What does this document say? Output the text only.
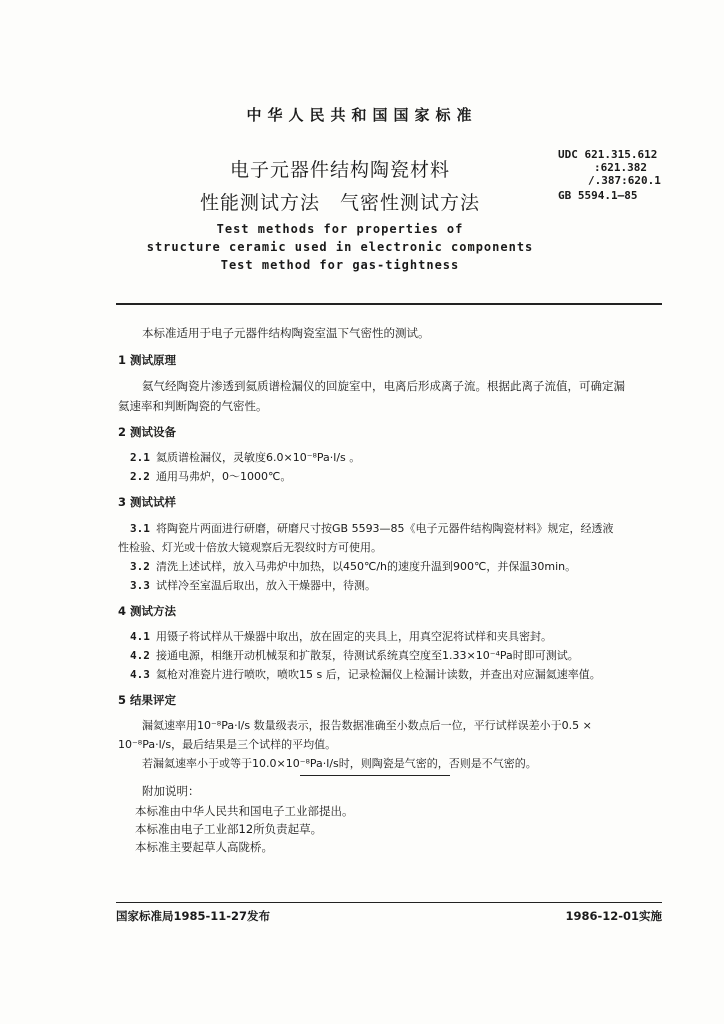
中华人民共和国国家标准
电子元器件结构陶瓷材料
性能测试方法 气密性测试方法
UDC 621.315.612
:621.382
/.387:620.1
GB 5594.1—85
Test methods for properties of
structure ceramic used in electronic components
Test method for gas-tightness
本标准适用于电子元器件结构陶瓷室温下气密性的测试。
1 测试原理
氦气经陶瓷片渗透到氦质谱检漏仪的回旋室中，电离后形成离子流。根据此离子流值，可确定漏
氦速率和判断陶瓷的气密性。
2 测试设备
2.1 氦质谱检漏仪，灵敏度6.0×10⁻⁸Pa·l/s 。
2.2 通用马弗炉，0～1000℃。
3 测试试样
3.1 将陶瓷片两面进行研磨，研磨尺寸按GB 5593—85《电子元器件结构陶瓷材料》规定，经透液
性检验、灯光或十倍放大镜观察后无裂纹时方可使用。
3.2 清洗上述试样，放入马弗炉中加热，以450℃/h的速度升温到900℃，并保温30min。
3.3 试样冷至室温后取出，放入干燥器中，待测。
4 测试方法
4.1 用镊子将试样从干燥器中取出，放在固定的夹具上，用真空泥将试样和夹具密封。
4.2 接通电源，相继开动机械泵和扩散泵，待测试系统真空度至1.33×10⁻⁴Pa时即可测试。
4.3 氦枪对准瓷片进行喷吹，喷吹15 s 后，记录检漏仪上检漏计读数，并查出对应漏氦速率值。
5 结果评定
漏氦速率用10⁻⁸Pa·l/s 数量级表示，报告数据准确至小数点后一位，平行试样误差小于0.5 ×
10⁻⁸Pa·l/s，最后结果是三个试样的平均值。
若漏氦速率小于或等于10.0×10⁻⁸Pa·l/s时，则陶瓷是气密的，否则是不气密的。
附加说明：
本标准由中华人民共和国电子工业部提出。
本标准由电子工业部12所负责起草。
本标准主要起草人高陇桥。
国家标准局1985-11-27发布	1986-12-01实施
